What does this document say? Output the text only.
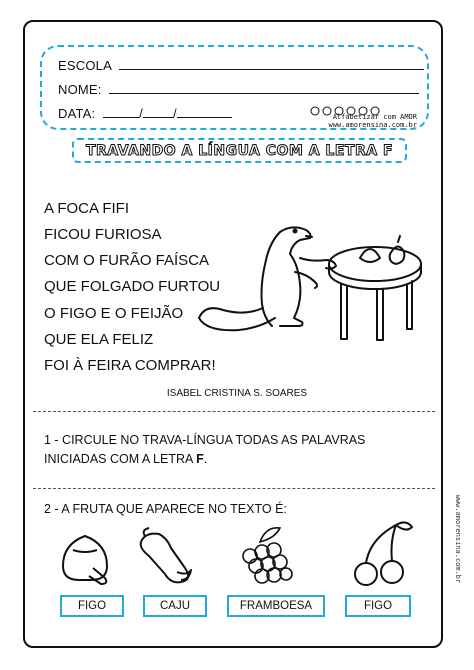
ESCOLA
NOME:
DATA:	/ /	Alfabetizar com AMOR
www.amorensina.com.br
TRAVANDO A LÍNGUA COM A LETRA F
A FOCA FIFI
FICOU FURIOSA
COM O FURÃO FAÍSCA
QUE FOLGADO FURTOU
O FIGO E O FEIJÃO
QUE ELA FELIZ
FOI À FEIRA COMPRAR!
ISABEL CRISTINA S. SOARES
1 - CIRCULE NO TRAVA-LÍNGUA TODAS AS PALAVRAS
INICIADAS COM A LETRA F.
2 - A FRUTA QUE APARECE NO TEXTO É:
FIGO	CAJU	FRAMBOESA	FIGO
www.amorensina.com.br
